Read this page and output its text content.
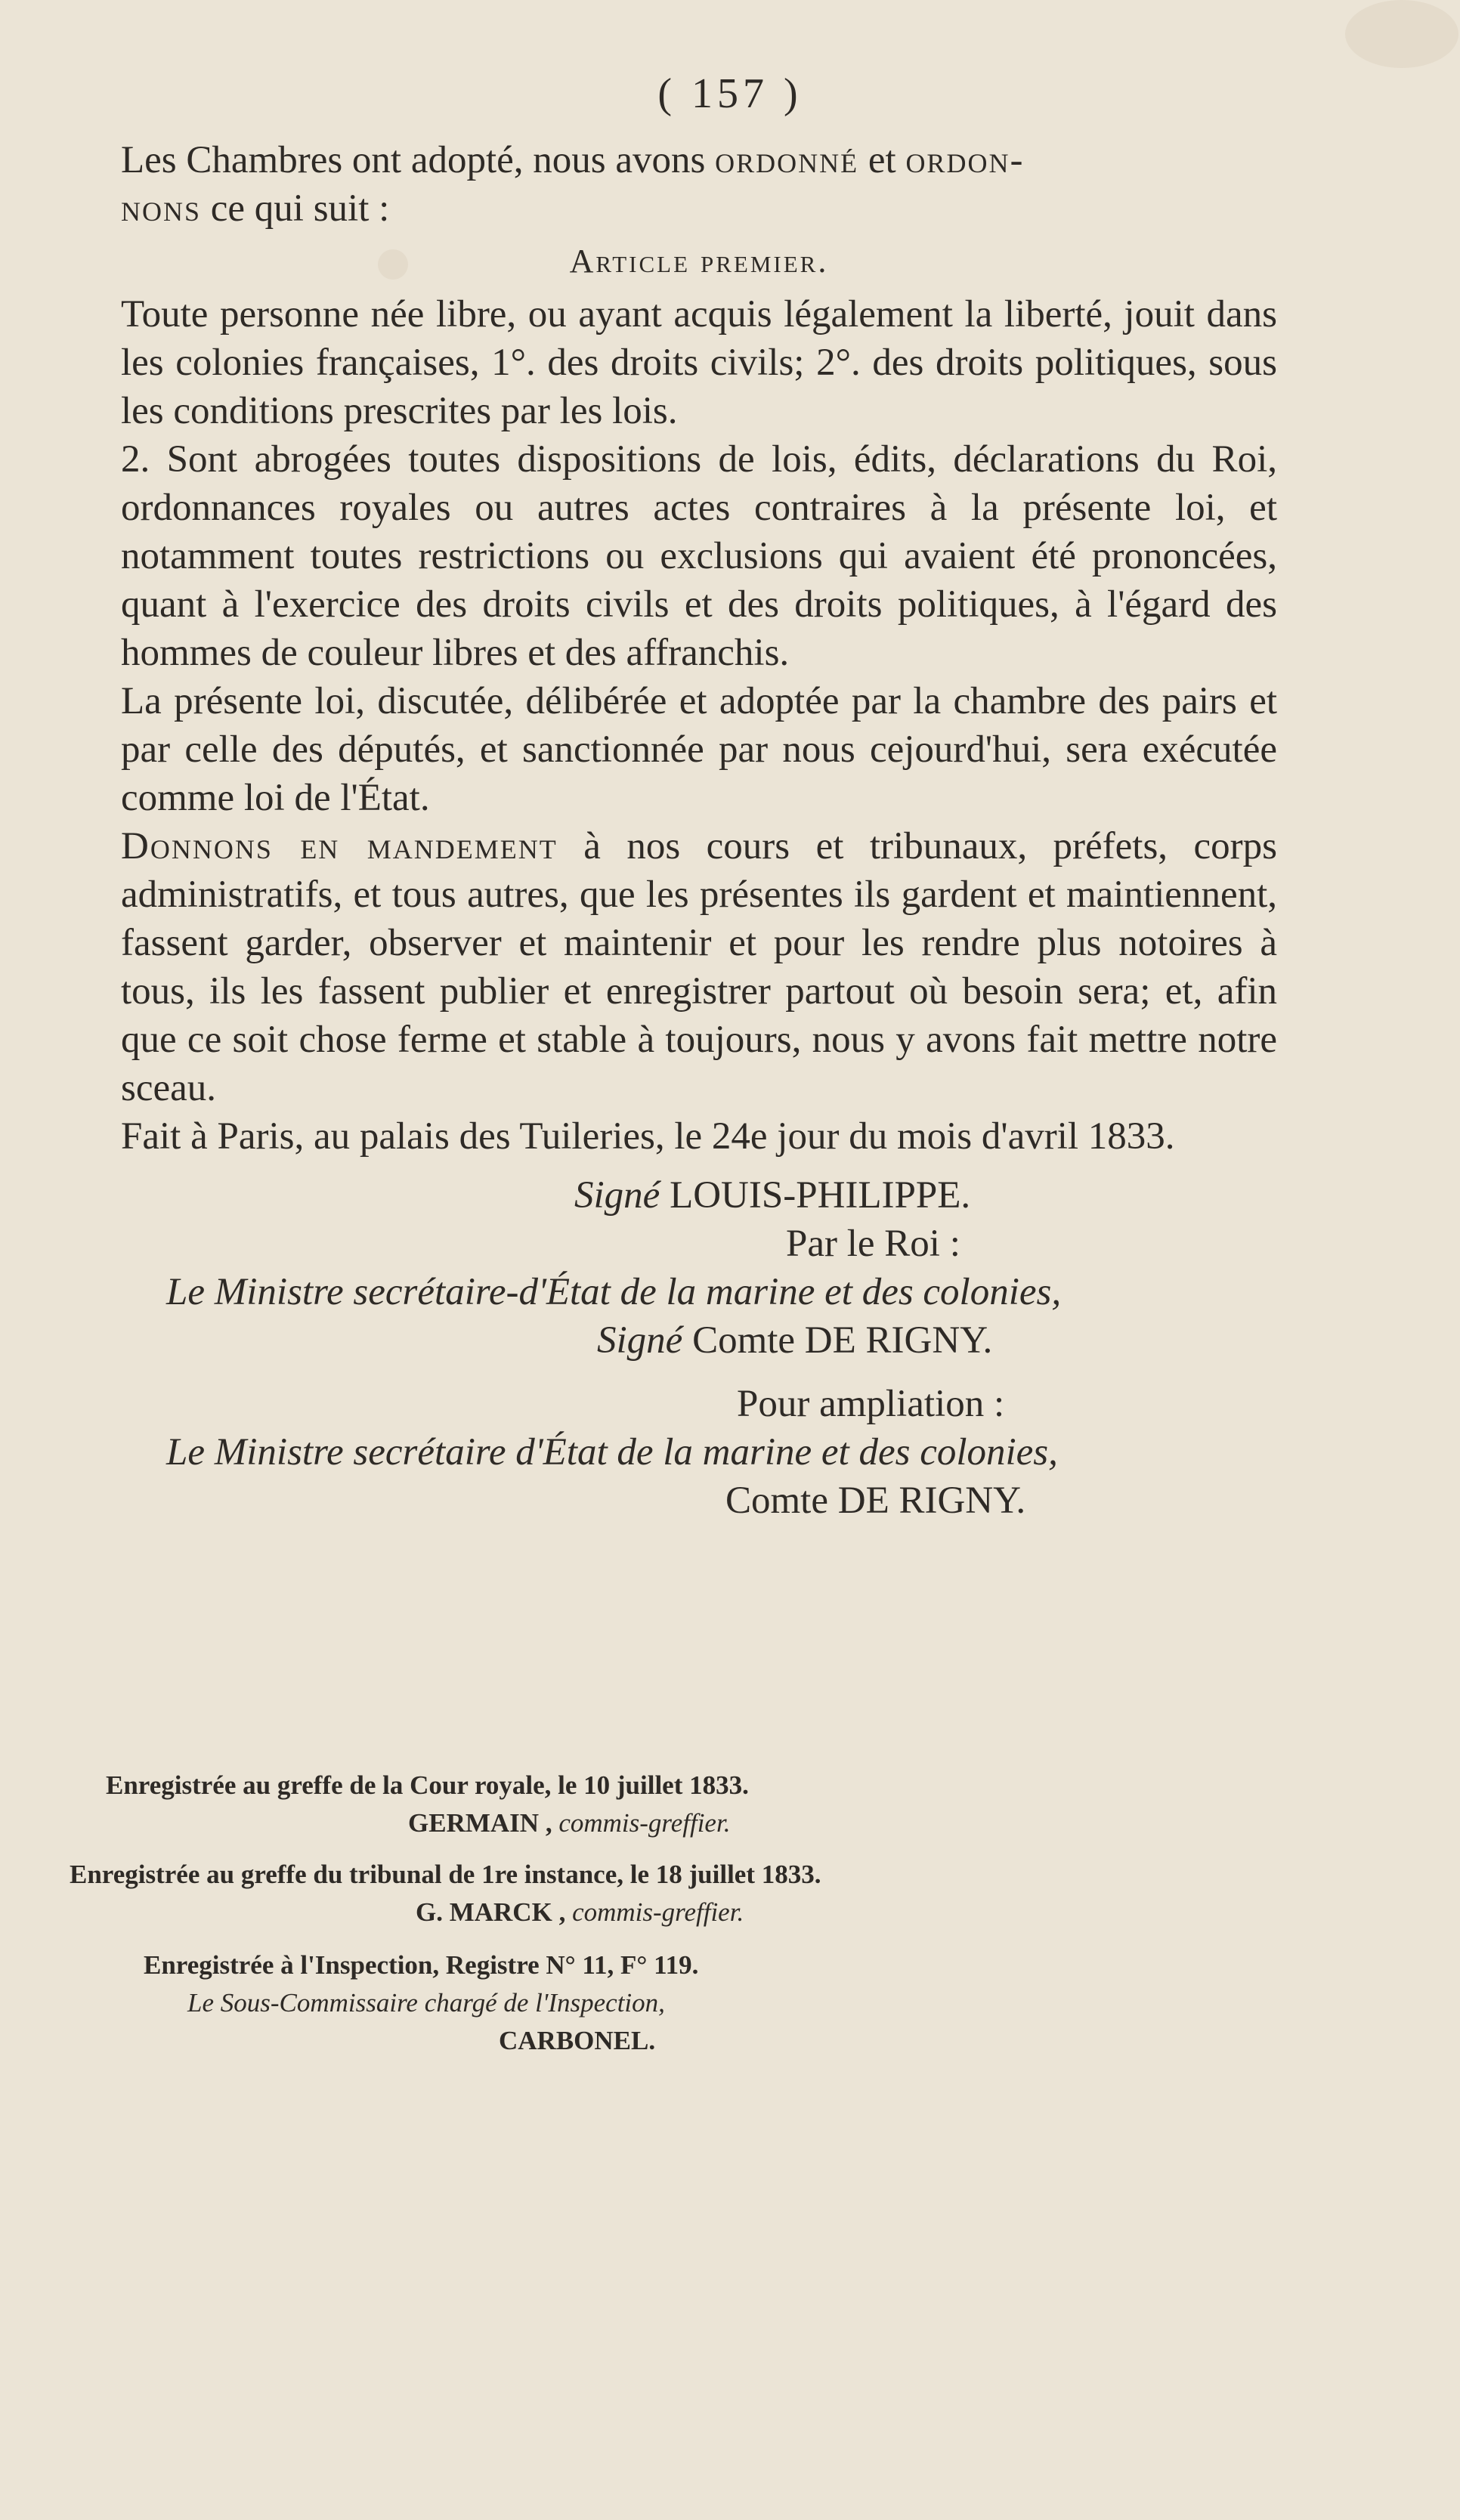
( 157 )

Les Chambres ont adopté, nous avons ordonné et ordon-
nons ce qui suit :

Article premier.

Toute personne née libre, ou ayant acquis légalement la liberté, jouit dans les colonies françaises, 1°. des droits civils; 2°. des droits politiques, sous les conditions prescrites par les lois.

2. Sont abrogées toutes dispositions de lois, édits, déclarations du Roi, ordonnances royales ou autres actes contraires à la présente loi, et notamment toutes restrictions ou exclusions qui avaient été prononcées, quant à l'exercice des droits civils et des droits politiques, à l'égard des hommes de couleur libres et des affranchis.

La présente loi, discutée, délibérée et adoptée par la chambre des pairs et par celle des députés, et sanctionnée par nous cejourd'hui, sera exécutée comme loi de l'État.

Donnons en mandement à nos cours et tribunaux, préfets, corps administratifs, et tous autres, que les présentes ils gardent et maintiennent, fassent garder, observer et maintenir et pour les rendre plus notoires à tous, ils les fassent publier et enregistrer partout où besoin sera; et, afin que ce soit chose ferme et stable à toujours, nous y avons fait mettre notre sceau.

Fait à Paris, au palais des Tuileries, le 24e jour du mois d'avril 1833.

Signé LOUIS-PHILIPPE.

Par le Roi :

Le Ministre secrétaire-d'État de la marine et des colonies,

Signé Comte DE RIGNY.

Pour ampliation :

Le Ministre secrétaire d'État de la marine et des colonies,

Comte DE RIGNY.

Enregistrée au greffe de la Cour royale, le 10 juillet 1833.
GERMAIN , commis-greffier.
Enregistrée au greffe du tribunal de 1re instance, le 18 juillet 1833.
G. MARCK , commis-greffier.
Enregistrée à l'Inspection, Registre N° 11, F° 119.
Le Sous-Commissaire chargé de l'Inspection,
CARBONEL.
